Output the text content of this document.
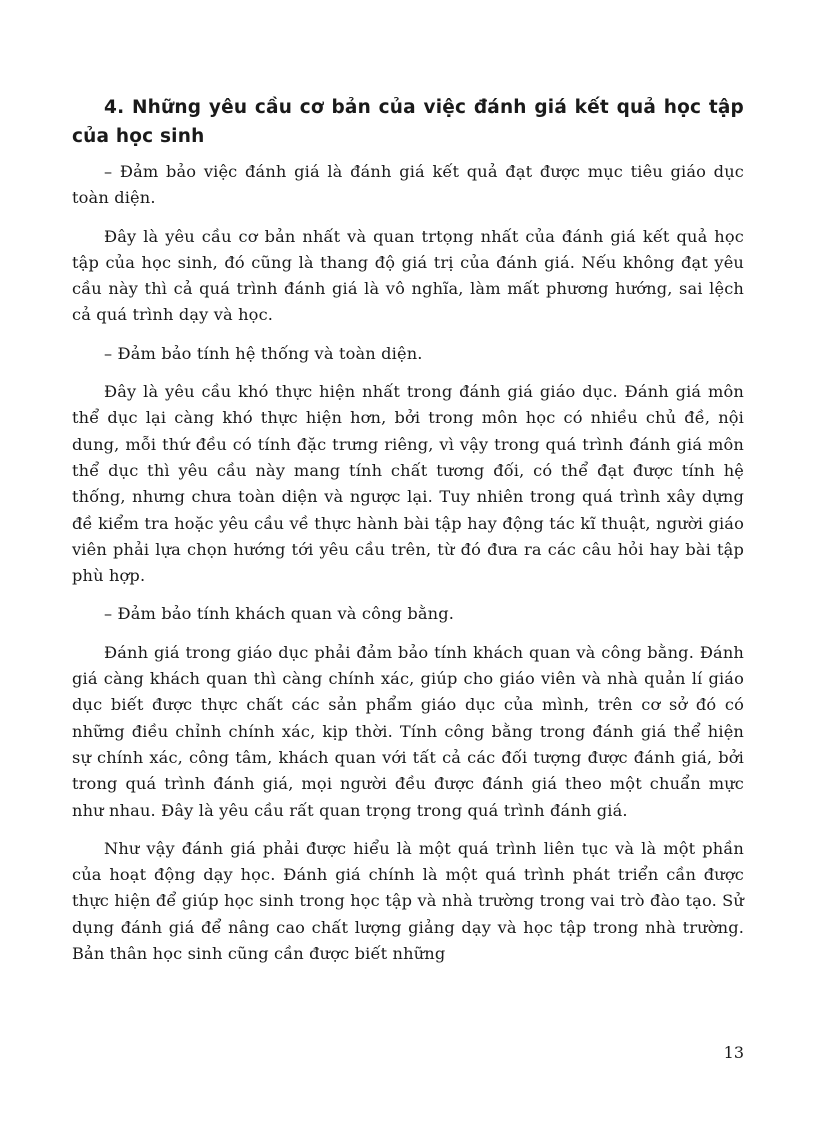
4. Những yêu cầu cơ bản của việc đánh giá kết quả học tập của học sinh

– Đảm bảo việc đánh giá là đánh giá kết quả đạt được mục tiêu giáo dục toàn diện.

Đây là yêu cầu cơ bản nhất và quan trtọng nhất của đánh giá kết quả học tập của học sinh, đó cũng là thang độ giá trị của đánh giá. Nếu không đạt yêu cầu này thì cả quá trình đánh giá là vô nghĩa, làm mất phương hướng, sai lệch cả quá trình dạy và học.

– Đảm bảo tính hệ thống và toàn diện.

Đây là yêu cầu khó thực hiện nhất trong đánh giá giáo dục. Đánh giá môn thể dục lại càng khó thực hiện hơn, bởi trong môn học có nhiều chủ đề, nội dung, mỗi thứ đều có tính đặc trưng riêng, vì vậy trong quá trình đánh giá môn thể dục thì yêu cầu này mang tính chất tương đối, có thể đạt được tính hệ thống, nhưng chưa toàn diện và ngược lại. Tuy nhiên trong quá trình xây dựng đề kiểm tra hoặc yêu cầu về thực hành bài tập hay động tác kĩ thuật, người giáo viên phải lựa chọn hướng tới yêu cầu trên, từ đó đưa ra các câu hỏi hay bài tập phù hợp.

– Đảm bảo tính khách quan và công bằng.

Đánh giá trong giáo dục phải đảm bảo tính khách quan và công bằng. Đánh giá càng khách quan thì càng chính xác, giúp cho giáo viên và nhà quản lí giáo dục biết được thực chất các sản phẩm giáo dục của mình, trên cơ sở đó có những điều chỉnh chính xác, kịp thời. Tính công bằng trong đánh giá thể hiện sự chính xác, công tâm, khách quan với tất cả các đối tượng được đánh giá, bởi trong quá trình đánh giá, mọi người đều được đánh giá theo một chuẩn mực như nhau. Đây là yêu cầu rất quan trọng trong quá trình đánh giá.

Như vậy đánh giá phải được hiểu là một quá trình liên tục và là một phần của hoạt động dạy học. Đánh giá chính là một quá trình phát triển cần được thực hiện để giúp học sinh trong học tập và nhà trường trong vai trò đào tạo. Sử dụng đánh giá để nâng cao chất lượng giảng dạy và học tập trong nhà trường. Bản thân học sinh cũng cần được biết những

13
